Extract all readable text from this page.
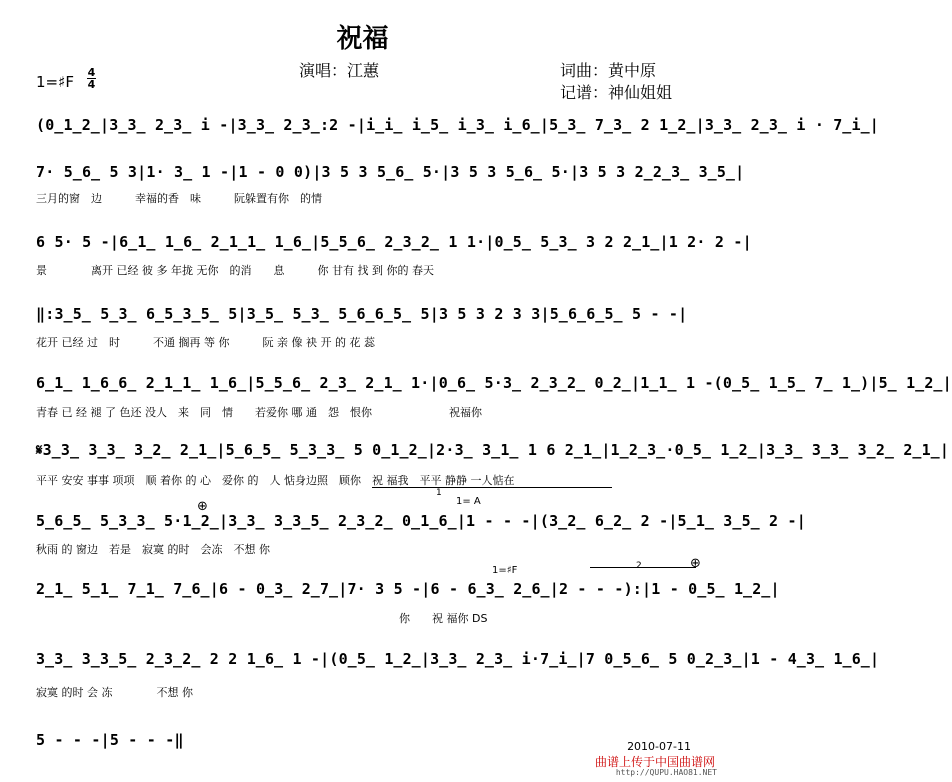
祝福
演唱：江蕙	词曲：黄中原
记谱：神仙姐姐
1=♯F
4
4
(0̲1̲2̲|3̲3̲ 2̲3̲ i -|3̲3̲ 2̲3̲:2 -|i̲i̲ i̲5̲ i̲3̲ i̲6̲|5̲3̲ 7̲3̲ 2 1̲2̲|3̲3̲ 2̲3̲ i · 7̲i̲|
7· 5̲6̲ 5 3|1· 3̲ 1 -|1 - 0 0)|3 5 3 5̲6̲ 5·|3 5 3 5̲6̲ 5·|3 5 3 2̲2̲3̲ 3̲5̲|
三月的窗　边　　　幸福的香　味　　　阮躲置有你　的情
6 5· 5 -|6̲1̲ 1̲6̲ 2̲1̲1̲ 1̲6̲|5̲5̲6̲ 2̲3̲2̲ 1 1·|0̲5̲ 5̲3̲ 3 2 2̲1̲|1 2· 2 -|
景　　　　离开 已经 彼 多 年拢 无你　的消　　息　　　你 甘有 找 到 你的 春天
‖:3̲5̲ 5̲3̲ 6̲5̲3̲5̲ 5|3̲5̲ 5̲3̲ 5̲6̲6̲5̲ 5|3 5 3 2 3 3|5̲6̲6̲5̲ 5 - -|
花开 已经 过　时　　　不通 搁再 等 你　　　阮 亲 像 袂 开 的 花 蕊
6̲1̲ 1̲6̲6̲ 2̲1̲1̲ 1̲6̲|5̲5̲6̲ 2̲3̲ 2̲1̲ 1·|0̲6̲ 5·3̲ 2̲3̲2̲ 0̲2̲|1̲1̲ 1 -(0̲5̲ 1̲5̲ 7̲ 1̲)|5̲ 1̲2̲|
青春 已 经 褪 了 色还 没人　来　同　情　　若爱你 哪 通　怨　恨你　　　　　　　祝福你
𝄋3̲3̲ 3̲3̲ 3̲2̲ 2̲1̲|5̲6̲5̲ 5̲3̲3̲ 5 0̲1̲2̲|2·3̲ 3̲1̲ 1 6 2̲1̲|1̲2̲3̲·0̲5̲ 1̲2̲|3̲3̲ 3̲3̲ 3̲2̲ 2̲1̲|
平平 安安 事事 项项　顺 着你 的 心　爱你 的　人 惦身边照　顾你　祝 福我　平平 静静 一人惦在
1
1= A
5̲6̲5̲ 5̲3̲3̲ 5·1̲2̲|3̲3̲ 3̲3̲5̲ 2̲3̲2̲ 0̲1̲6̲|1 - - -|(3̲2̲ 6̲2̲ 2 -|5̲1̲ 3̲5̲ 2 -|
秋雨 的 窗边　若是　寂寞 的时　会冻　不想 你
1=♯F	2
2̲1̲ 5̲1̲ 7̲1̲ 7̲6̲|6 - 0̲3̲ 2̲7̲|7· 3 5 -|6 - 6̲3̲ 2̲6̲|2 - - -):|1 - 0̲5̲ 1̲2̲|
　　　　　　　　　　　　　　　　　　　　　　　　　　　　　　　　　你　　祝 福你 DS
3̲3̲ 3̲3̲5̲ 2̲3̲2̲ 2 2 1̲6̲ 1 -|(0̲5̲ 1̲2̲|3̲3̲ 2̲3̲ i·7̲i̲|7 0̲5̲6̲ 5 0̲2̲3̲|1 - 4̲3̲ 1̲6̲|
寂寞 的时 会 冻　　　　不想 你
5 - - -|5 - - -‖
⊕
⊕
2010-07-11
曲谱上传于中国曲谱网
http://QUPU.HAO81.NET
